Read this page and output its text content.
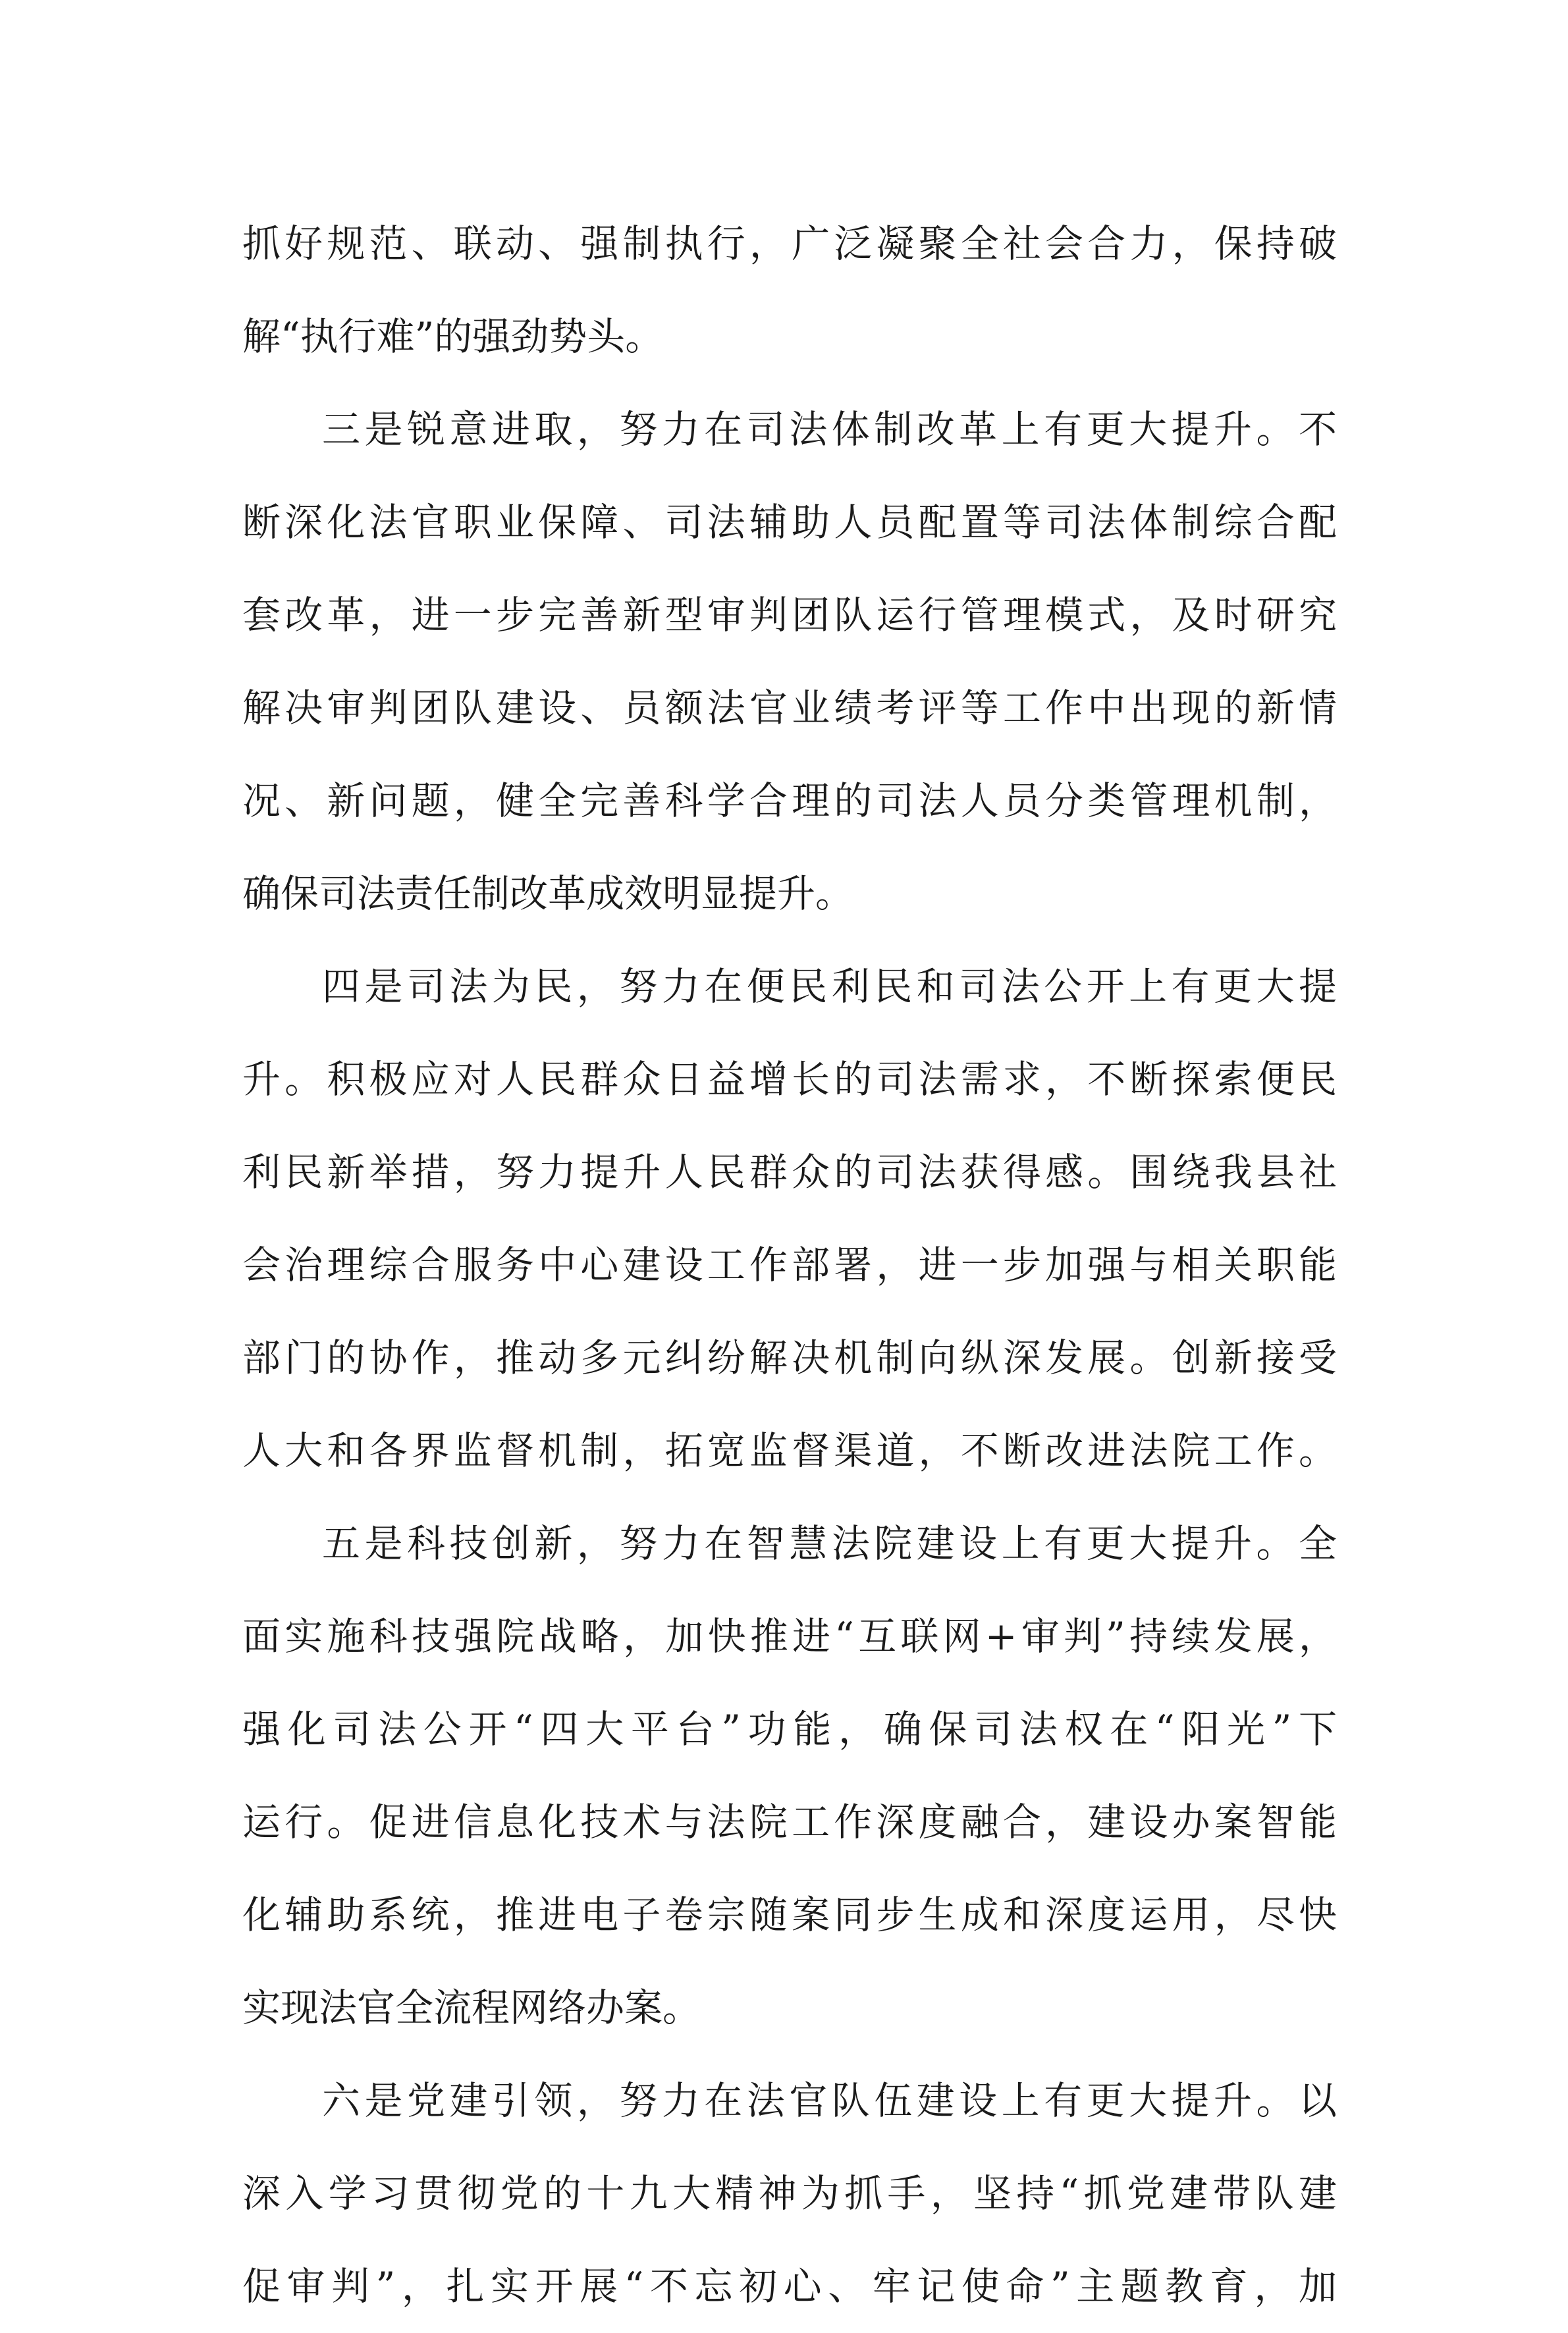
抓好规范、联动、强制执行，广泛凝聚全社会合力，保持破
解“执行难”的强劲势头。
三是锐意进取，努力在司法体制改革上有更大提升。不
断深化法官职业保障、司法辅助人员配置等司法体制综合配
套改革，进一步完善新型审判团队运行管理模式，及时研究
解决审判团队建设、员额法官业绩考评等工作中出现的新情
况、新问题，健全完善科学合理的司法人员分类管理机制，
确保司法责任制改革成效明显提升。
四是司法为民，努力在便民利民和司法公开上有更大提
升。积极应对人民群众日益增长的司法需求，不断探索便民
利民新举措，努力提升人民群众的司法获得感。围绕我县社
会治理综合服务中心建设工作部署，进一步加强与相关职能
部门的协作，推动多元纠纷解决机制向纵深发展。创新接受
人大和各界监督机制，拓宽监督渠道，不断改进法院工作。
五是科技创新，努力在智慧法院建设上有更大提升。全
面实施科技强院战略，加快推进“互联网+审判”持续发展，
强化司法公开“四大平台”功能，确保司法权在“阳光”下
运行。促进信息化技术与法院工作深度融合，建设办案智能
化辅助系统，推进电子卷宗随案同步生成和深度运用，尽快
实现法官全流程网络办案。
六是党建引领，努力在法官队伍建设上有更大提升。以
深入学习贯彻党的十九大精神为抓手，坚持“抓党建带队建
促审判”，扎实开展“不忘初心、牢记使命”主题教育，加
